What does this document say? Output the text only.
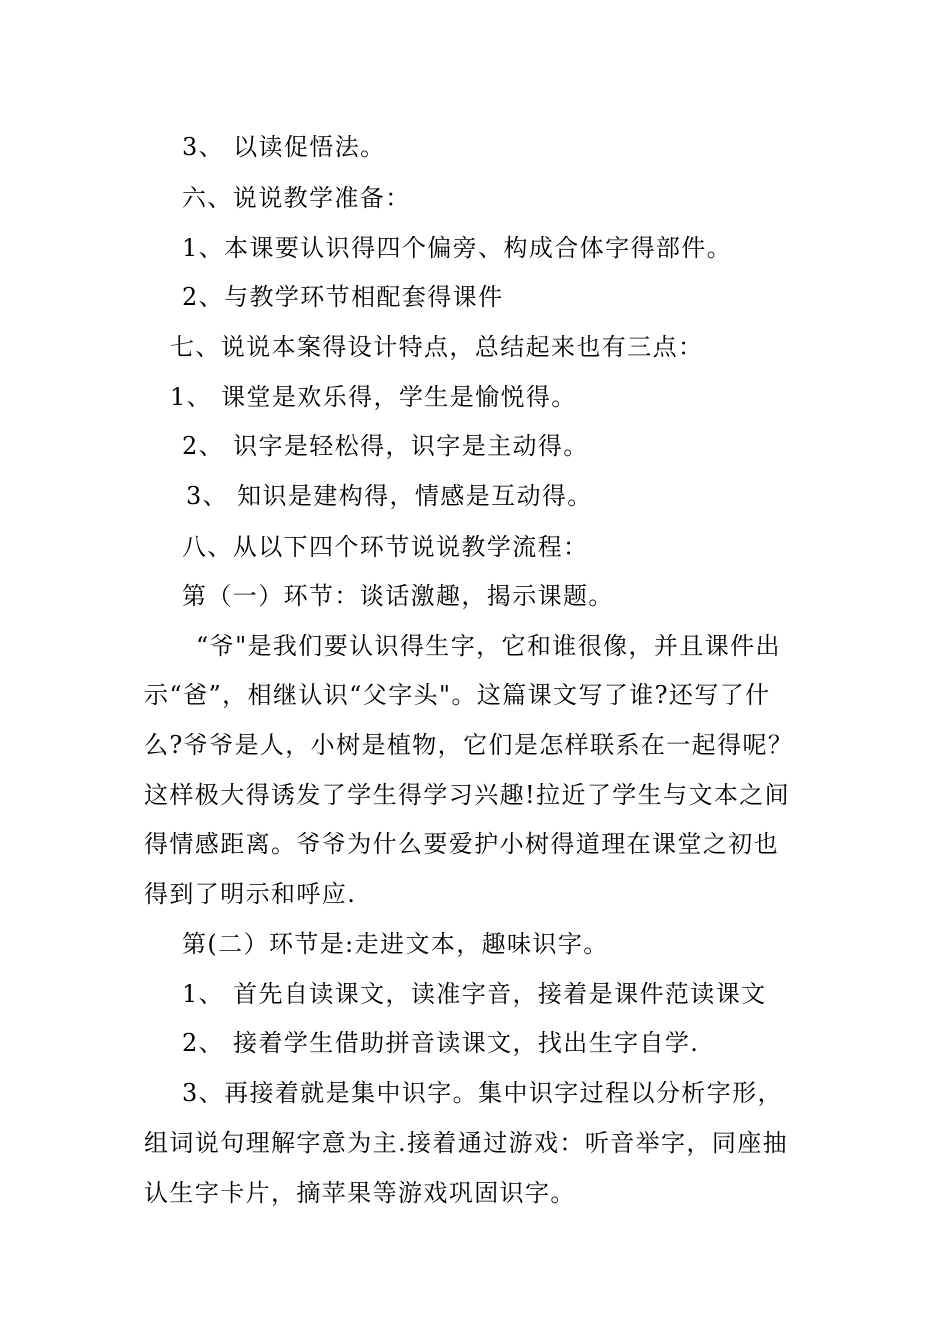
3、 以读促悟法。
六、说说教学准备：
1、本课要认识得四个偏旁、构成合体字得部件。
2、与教学环节相配套得课件
七、说说本案得设计特点，总结起来也有三点：
1、 课堂是欢乐得，学生是愉悦得。
2、 识字是轻松得，识字是主动得。
3、 知识是建构得，情感是互动得。
八、从以下四个环节说说教学流程：
第（一）环节：谈话激趣，揭示课题。
“爷"是我们要认识得生字，它和谁很像，并且课件出
示“爸”，相继认识“父字头"。这篇课文写了谁?还写了什
么?爷爷是人，小树是植物，它们是怎样联系在一起得呢？
这样极大得诱发了学生得学习兴趣!拉近了学生与文本之间
得情感距离。爷爷为什么要爱护小树得道理在课堂之初也
得到了明示和呼应.
第(二）环节是:走进文本，趣味识字。
1、 首先自读课文，读准字音，接着是课件范读课文
2、 接着学生借助拼音读课文，找出生字自学.
3、再接着就是集中识字。集中识字过程以分析字形，
组词说句理解字意为主.接着通过游戏：听音举字，同座抽
认生字卡片，摘苹果等游戏巩固识字。
